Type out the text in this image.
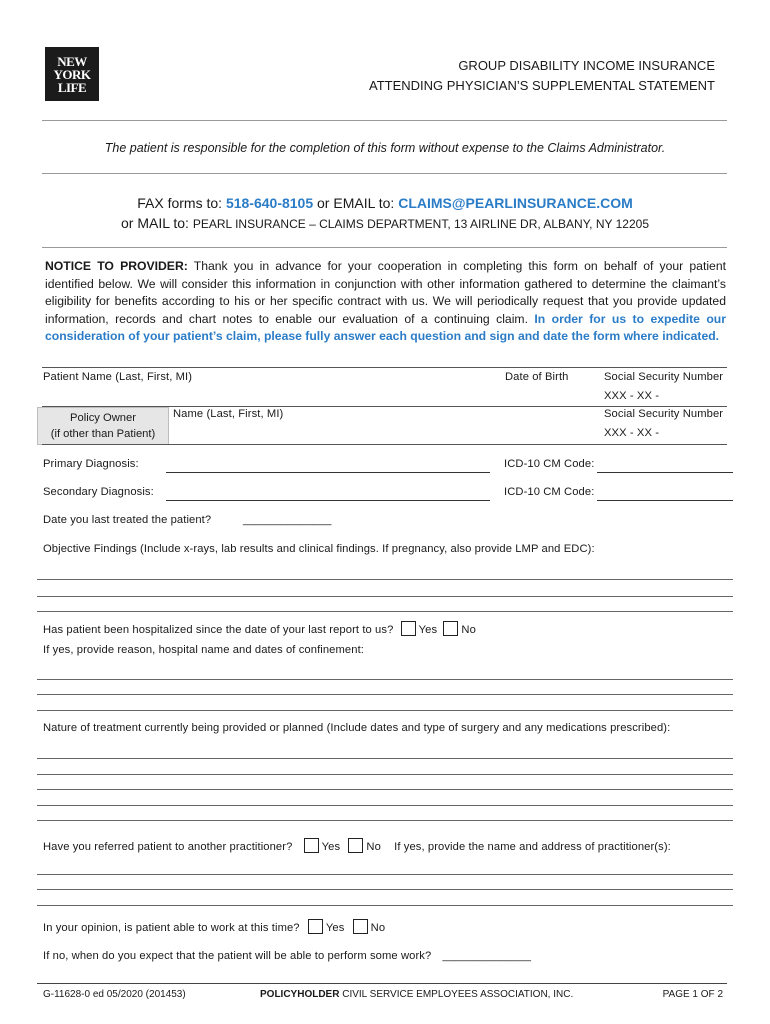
NEW
YORK
LIFE
GROUP DISABILITY INCOME INSURANCE
ATTENDING PHYSICIAN’S SUPPLEMENTAL STATEMENT
The patient is responsible for the completion of this form without expense to the Claims Administrator.
FAX forms to: 518-640-8105 or EMAIL to: CLAIMS@PEARLINSURANCE.COM
or MAIL to: PEARL INSURANCE – CLAIMS DEPARTMENT, 13 AIRLINE DR, ALBANY, NY 12205
NOTICE TO PROVIDER: Thank you in advance for your cooperation in completing this form on behalf of your patient identified below. We will consider this information in conjunction with other information gathered to determine the claimant’s eligibility for benefits according to his or her specific contract with us. We will periodically request that you provide updated information, records and chart notes to enable our evaluation of a continuing claim. In order for us to expedite our consideration of your patient’s claim, please fully answer each question and sign and date the form where indicated.
Patient Name (Last, First, MI)	Date of Birth	Social Security Number
XXX - XX -
Policy Owner
(if other than Patient)
Name (Last, First, MI)	Social Security Number
XXX - XX -
Primary Diagnosis:	ICD-10 CM Code:
Secondary Diagnosis:	ICD-10 CM Code:
Date you last treated the patient?	______________
Objective Findings (Include x-rays, lab results and clinical findings. If pregnancy, also provide LMP and EDC):
Has patient been hospitalized since the date of your last report to us? Yes No
If yes, provide reason, hospital name and dates of confinement:
Nature of treatment currently being provided or planned (Include dates and type of surgery and any medications prescribed):
Have you referred patient to another practitioner?	Yes No If yes, provide the name and address of practitioner(s):
In your opinion, is patient able to work at this time? Yes No
If no, when do you expect that the patient will be able to perform some work? ______________
G-11628-0 ed 05/2020 (201453)	POLICYHOLDER CIVIL SERVICE EMPLOYEES ASSOCIATION, INC.	PAGE 1 OF 2
